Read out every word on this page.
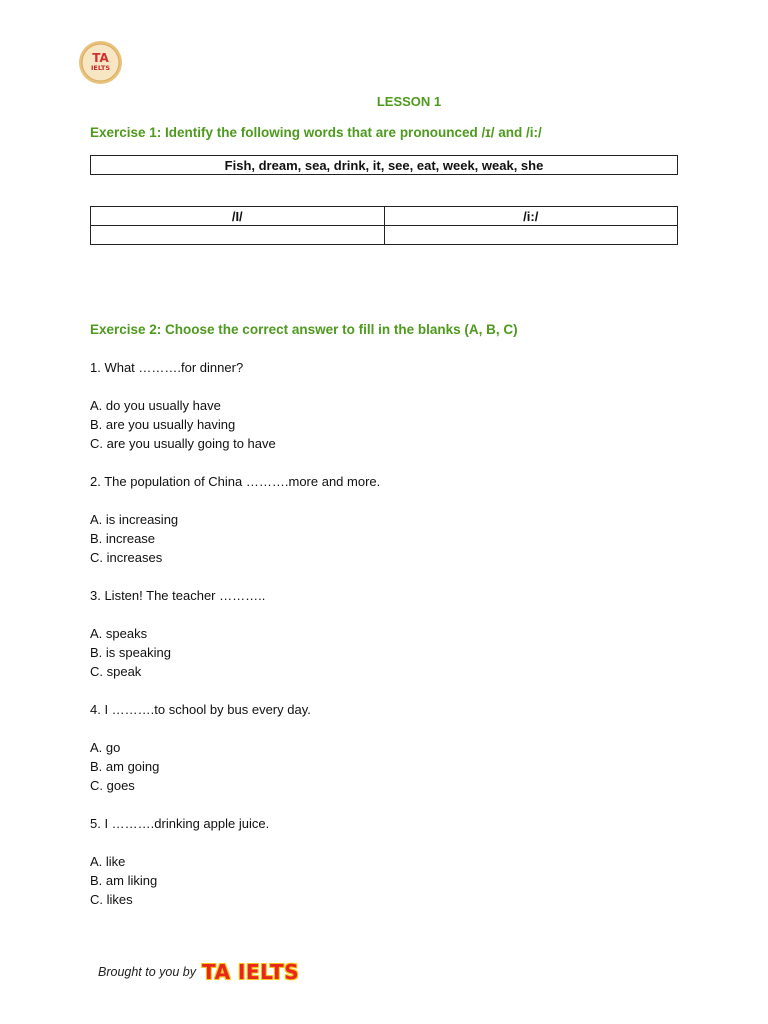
TA
IELTS
LESSON 1
Exercise 1: Identify the following words that are pronounced /ɪ/ and /i:/
Fish, dream, sea, drink, it, see, eat, week, weak, she
/I/	/i:/

Exercise 2: Choose the correct answer to fill in the blanks (A, B, C)

1. What ……….for dinner?

A. do you usually have

B. are you usually having

C. are you usually going to have

2. The population of China ……….more and more.

A. is increasing

B. increase

C. increases

3. Listen! The teacher ………..

A. speaks

B. is speaking

C. speak

4. I ……….to school by bus every day.

A. go

B. am going

C. goes

5. I ……….drinking apple juice.

A. like

B. am liking

C. likes

Brought to you by TA IELTS
